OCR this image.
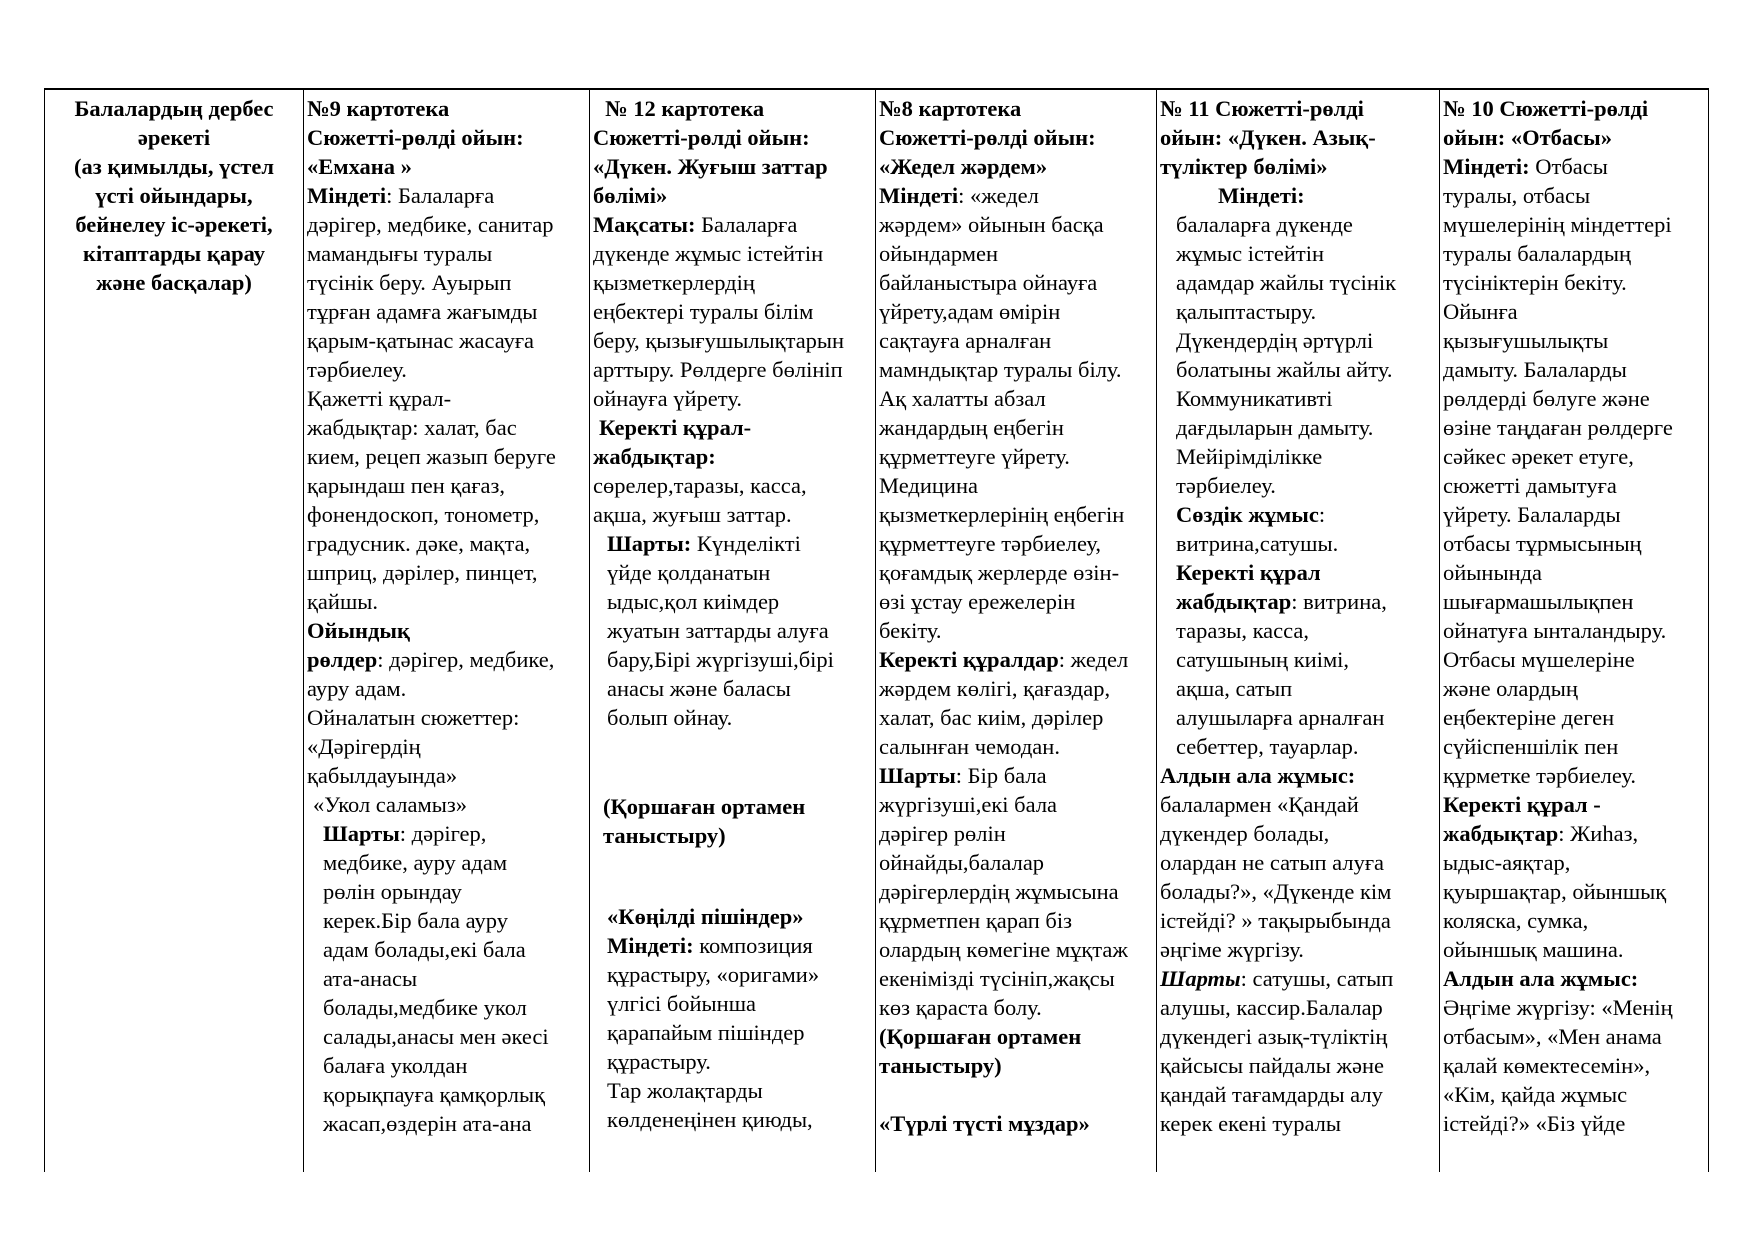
Балалардың дербес
әрекеті
(аз қимылды, үстел
үсті ойындары,
бейнелеу іс-әрекеті,
кітаптарды қарау
және басқалар)
№9 картотека
Сюжетті-рөлді ойын:
«Емхана »
Міндеті: Балаларға
дәрігер, медбике, санитар
мамандығы туралы
түсінік беру. Ауырып
тұрған адамға жағымды
қарым-қатынас жасауға
тәрбиелеу.
Қажетті құрал-
жабдықтар: халат, бас
кием, рецеп жазып беруге
қарындаш пен қағаз,
фонендоскоп, тонометр,
градусник. дәке, мақта,
шприц, дәрілер, пинцет,
қайшы.
Ойындық
рөлдер: дәрігер, медбике,
ауру адам.
Ойналатын сюжеттер:
«Дәрігердің
қабылдауында»
«Укол саламыз»
Шарты: дәрігер,
медбике, ауру адам
рөлін орындау
керек.Бір бала ауру
адам болады,екі бала
ата-анасы
болады,медбике укол
салады,анасы мен әкесі
балаға уколдан
қорықпауға қамқорлық
жасап,өздерін ата-ана
№ 12 картотека
Сюжетті-рөлді ойын:
«Дүкен. Жуғыш заттар
бөлімі»
Мақсаты: Балаларға
дүкенде жұмыс істейтін
қызметкерлердің
еңбектері туралы білім
беру, қызығушылықтарын
арттыру. Рөлдерге бөлініп
ойнауға үйрету.
Керекті құрал-
жабдықтар:
сөрелер,таразы, касса,
ақша, жуғыш заттар.
Шарты: Күнделікті
үйде қолданатын
ыдыс,қол киімдер
жуатын заттарды алуға
бару,Бірі жүргізуші,бірі
анасы және баласы
болып ойнау.
(Қоршаған ортамен
таныстыру)
«Көңілді пішіндер»
Міндеті: композиция
құрастыру, «оригами»
үлгісі бойынша
қарапайым пішіндер
құрастыру.
Тар жолақтарды
көлденеңінен қиюды,
№8 картотека
Сюжетті-рөлді ойын:
«Жедел жәрдем»
Міндеті: «жедел
жәрдем» ойынын басқа
ойындармен
байланыстыра ойнауға
үйрету,адам өмірін
сақтауға арналған
мамндықтар туралы білу.
Ақ халатты абзал
жандардың еңбегін
құрметтеуге үйрету.
Медицина
қызметкерлерінің еңбегін
құрметтеуге тәрбиелеу,
қоғамдық жерлерде өзін-
өзі ұстау ережелерін
бекіту.
Керекті құралдар: жедел
жәрдем көлігі, қағаздар,
халат, бас киім, дәрілер
салынған чемодан.
Шарты: Бір бала
жүргізуші,екі бала
дәрігер рөлін
ойнайды,балалар
дәрігерлердің жұмысына
құрметпен қарап біз
олардың көмегіне мұқтаж
екенімізді түсініп,жақсы
көз қараста болу.
(Қоршаған ортамен
таныстыру)
«Түрлі түсті мұздар»
№ 11 Сюжетті-рөлді
ойын: «Дүкен. Азық-
түліктер бөлімі»
Міндеті:
балаларға дүкенде
жұмыс істейтін
адамдар жайлы түсінік
қалыптастыру.
Дүкендердің әртүрлі
болатыны жайлы айту.
Коммуникативті
дағдыларын дамыту.
Мейірімділікке
тәрбиелеу.
Сөздік жұмыс:
витрина,сатушы.
Керекті құрал
жабдықтар: витрина,
таразы, касса,
сатушының киімі,
ақша, сатып
алушыларға арналған
себеттер, тауарлар.
Алдын ала жұмыс:
балалармен «Қандай
дүкендер болады,
олардан не сатып алуға
болады?», «Дүкенде кім
істейді? » тақырыбында
әңгіме жүргізу.
Шарты: сатушы, сатып
алушы, кассир.Балалар
дүкендегі азық-түліктің
қайсысы пайдалы және
қандай тағамдарды алу
керек екені туралы
№ 10 Сюжетті-рөлді
ойын: «Отбасы»
Міндеті: Отбасы
туралы, отбасы
мүшелерінің міндеттері
туралы балалардың
түсініктерін бекіту.
Ойынға
қызығушылықты
дамыту. Балаларды
рөлдерді бөлуге және
өзіне таңдаған рөлдерге
сәйкес әрекет етуге,
сюжетті дамытуға
үйрету. Балаларды
отбасы тұрмысының
ойынында
шығармашылықпен
ойнатуға ынталандыру.
Отбасы мүшелеріне
және олардың
еңбектеріне деген
сүйіспеншілік пен
құрметке тәрбиелеу.
Керекті құрал -
жабдықтар: Жиһаз,
ыдыс-аяқтар,
қуыршақтар, ойыншық
коляска, сумка,
ойыншық машина.
Алдын ала жұмыс:
Әңгіме жүргізу: «Менің
отбасым», «Мен анама
қалай көмектесемін»,
«Кім, қайда жұмыс
істейді?» «Біз үйде
